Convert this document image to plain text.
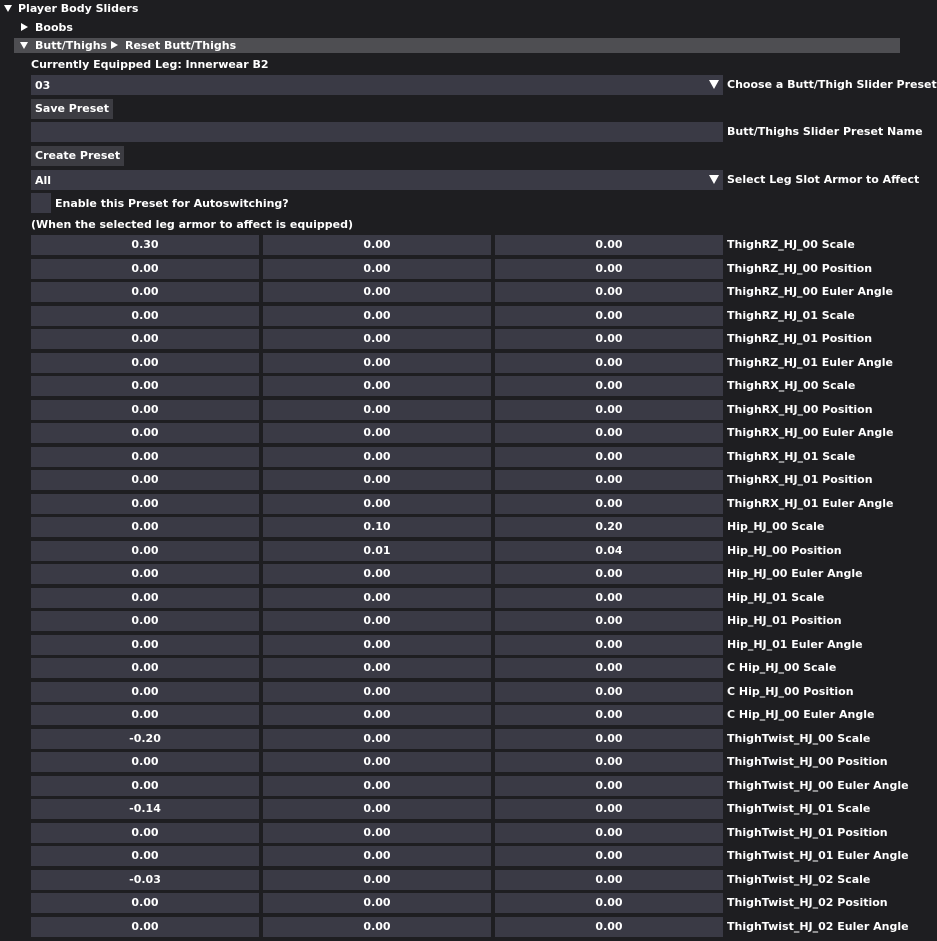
Player Body Sliders
Boobs
Butt/Thighs Reset Butt/Thighs
Currently Equipped Leg: Innerwear B2
03	Choose a Butt/Thigh Slider Preset
Save Preset
Butt/Thighs Slider Preset Name
Create Preset
All	Select Leg Slot Armor to Affect
Enable this Preset for Autoswitching?
(When the selected leg armor to affect is equipped)
0.30	0.00	0.00	ThighRZ_HJ_00 Scale
0.00	0.00	0.00	ThighRZ_HJ_00 Position
0.00	0.00	0.00	ThighRZ_HJ_00 Euler Angle
0.00	0.00	0.00	ThighRZ_HJ_01 Scale
0.00	0.00	0.00	ThighRZ_HJ_01 Position
0.00	0.00	0.00	ThighRZ_HJ_01 Euler Angle
0.00	0.00	0.00	ThighRX_HJ_00 Scale
0.00	0.00	0.00	ThighRX_HJ_00 Position
0.00	0.00	0.00	ThighRX_HJ_00 Euler Angle
0.00	0.00	0.00	ThighRX_HJ_01 Scale
0.00	0.00	0.00	ThighRX_HJ_01 Position
0.00	0.00	0.00	ThighRX_HJ_01 Euler Angle
0.00	0.10	0.20	Hip_HJ_00 Scale
0.00	0.01	0.04	Hip_HJ_00 Position
0.00	0.00	0.00	Hip_HJ_00 Euler Angle
0.00	0.00	0.00	Hip_HJ_01 Scale
0.00	0.00	0.00	Hip_HJ_01 Position
0.00	0.00	0.00	Hip_HJ_01 Euler Angle
0.00	0.00	0.00	C Hip_HJ_00 Scale
0.00	0.00	0.00	C Hip_HJ_00 Position
0.00	0.00	0.00	C Hip_HJ_00 Euler Angle
-0.20	0.00	0.00	ThighTwist_HJ_00 Scale
0.00	0.00	0.00	ThighTwist_HJ_00 Position
0.00	0.00	0.00	ThighTwist_HJ_00 Euler Angle
-0.14	0.00	0.00	ThighTwist_HJ_01 Scale
0.00	0.00	0.00	ThighTwist_HJ_01 Position
0.00	0.00	0.00	ThighTwist_HJ_01 Euler Angle
-0.03	0.00	0.00	ThighTwist_HJ_02 Scale
0.00	0.00	0.00	ThighTwist_HJ_02 Position
0.00	0.00	0.00	ThighTwist_HJ_02 Euler Angle
